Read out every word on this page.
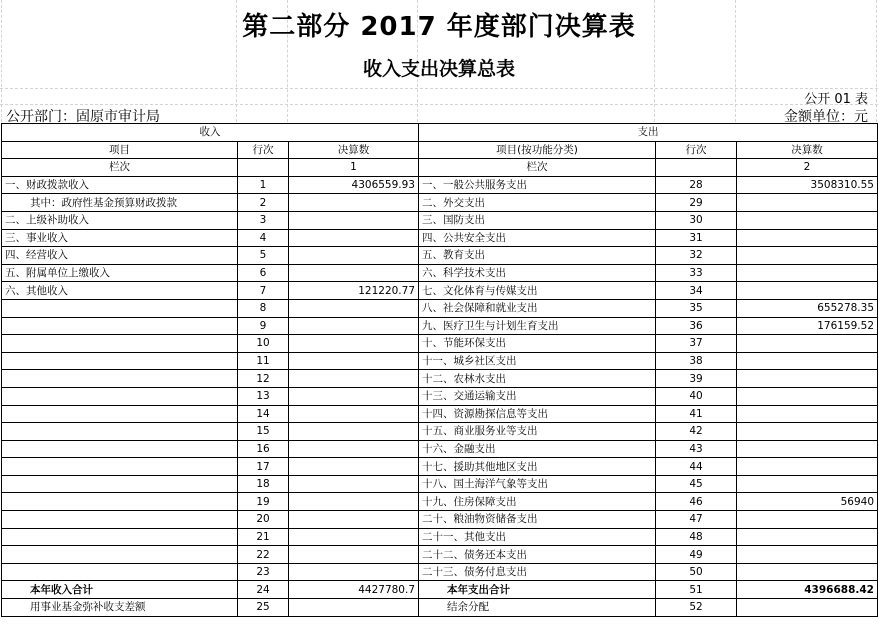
第二部分 2017 年度部门决算表
收入支出决算总表
公开 01 表
公开部门：固原市审计局	金额单位：元
收入			支出		
项目	行次	决算数	项目(按功能分类)	行次	决算数
栏次		1	栏次		2
一、财政拨款收入	1	4306559.93	一、一般公共服务支出	28	3508310.55
其中：政府性基金预算财政拨款	2		二、外交支出	29	
二、上级补助收入	3		三、国防支出	30	
三、事业收入	4		四、公共安全支出	31	
四、经营收入	5		五、教育支出	32	
五、附属单位上缴收入	6		六、科学技术支出	33	
六、其他收入	7	121220.77	七、文化体育与传媒支出	34	
	8		八、社会保障和就业支出	35	655278.35
	9		九、医疗卫生与计划生育支出	36	176159.52
	10		十、节能环保支出	37	
	11		十一、城乡社区支出	38	
	12		十二、农林水支出	39	
	13		十三、交通运输支出	40	
	14		十四、资源勘探信息等支出	41	
	15		十五、商业服务业等支出	42	
	16		十六、金融支出	43	
	17		十七、援助其他地区支出	44	
	18		十八、国土海洋气象等支出	45	
	19		十九、住房保障支出	46	56940
	20		二十、粮油物资储备支出	47	
	21		二十一、其他支出	48	
	22		二十二、债务还本支出	49	
	23		二十三、债务付息支出	50	
本年收入合计	24	4427780.7	本年支出合计	51	4396688.42
用事业基金弥补收支差额	25		结余分配	52	
